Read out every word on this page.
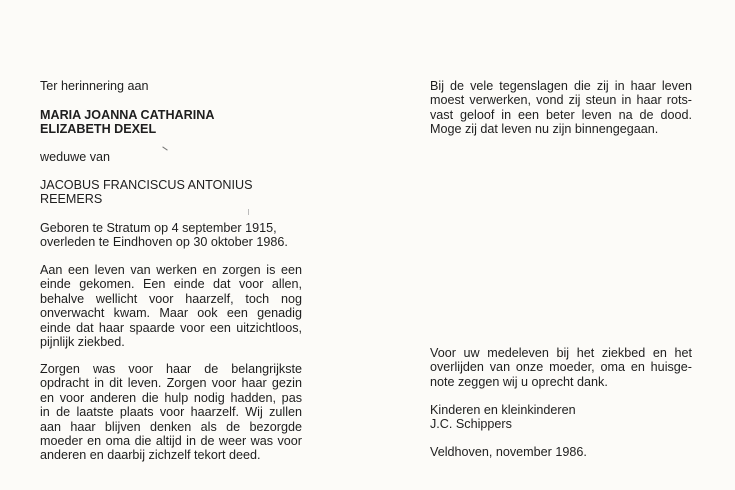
Ter herinnering aan
MARIA JOANNA CATHARINA
ELIZABETH DEXEL
weduwe van
JACOBUS FRANCISCUS ANTONIUS
REEMERS
Geboren te Stratum op 4 september 1915,
overleden te Eindhoven op 30 oktober 1986.
Aan een leven van werken en zorgen is een
einde gekomen. Een einde dat voor allen,
behalve wellicht voor haarzelf, toch nog
onverwacht kwam. Maar ook een genadig
einde dat haar spaarde voor een uitzichtloos,
pijnlijk ziekbed.
Zorgen was voor haar de belangrijkste
opdracht in dit leven. Zorgen voor haar gezin
en voor anderen die hulp nodig hadden, pas
in de laatste plaats voor haarzelf. Wij zullen
aan haar blijven denken als de bezorgde
moeder en oma die altijd in de weer was voor
anderen en daarbij zichzelf tekort deed.
Bij de vele tegenslagen die zij in haar leven
moest verwerken, vond zij steun in haar rots-
vast geloof in een beter leven na de dood.
Moge zij dat leven nu zijn binnengegaan.
Voor uw medeleven bij het ziekbed en het
overlijden van onze moeder, oma en huisge-
note zeggen wij u oprecht dank.
Kinderen en kleinkinderen
J.C. Schippers
Veldhoven, november 1986.
